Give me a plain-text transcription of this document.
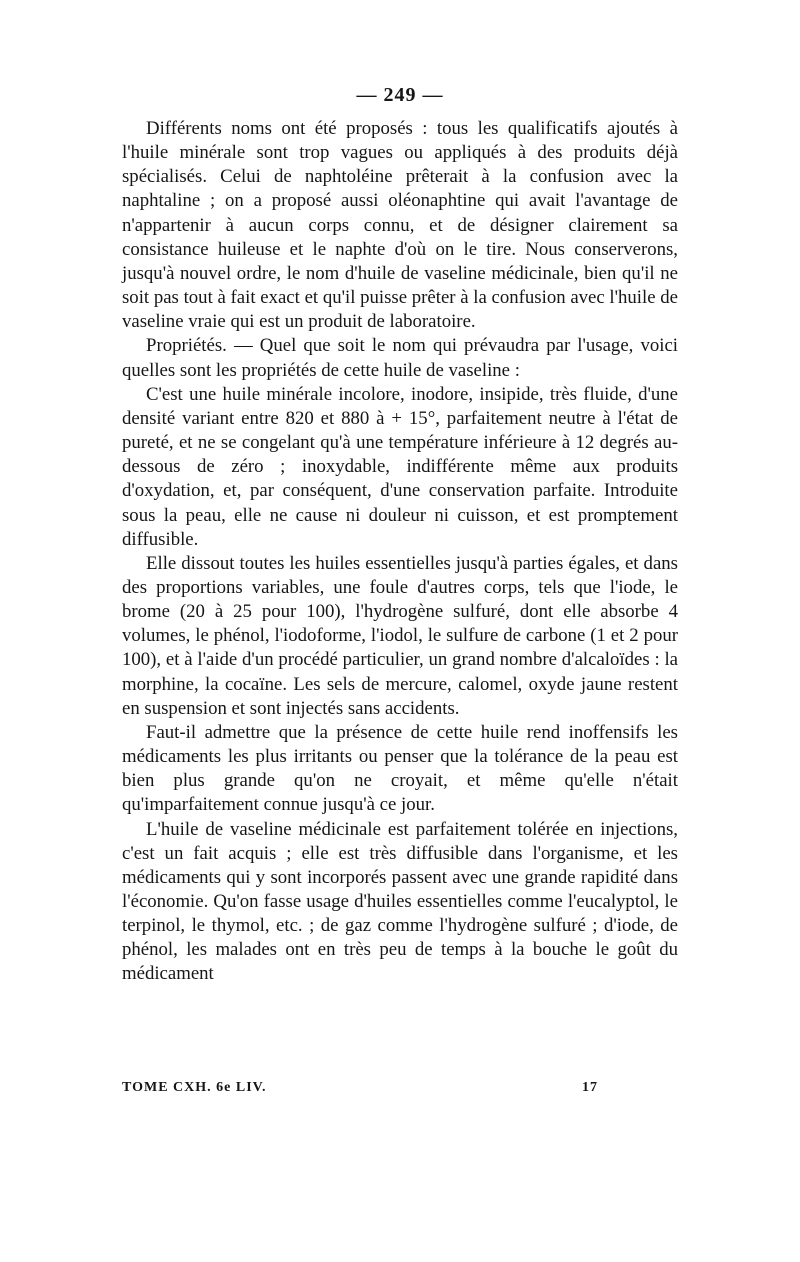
— 249 —

Différents noms ont été proposés : tous les qualificatifs ajoutés à l'huile minérale sont trop vagues ou appliqués à des produits déjà spécialisés. Celui de naphtoléine prêterait à la confusion avec la naphtaline ; on a proposé aussi oléonaphtine qui avait l'avantage de n'appartenir à aucun corps connu, et de désigner clairement sa consistance huileuse et le naphte d'où on le tire. Nous conserverons, jusqu'à nouvel ordre, le nom d'huile de vaseline médicinale, bien qu'il ne soit pas tout à fait exact et qu'il puisse prêter à la confusion avec l'huile de vaseline vraie qui est un produit de laboratoire.

Propriétés. — Quel que soit le nom qui prévaudra par l'usage, voici quelles sont les propriétés de cette huile de vaseline :

C'est une huile minérale incolore, inodore, insipide, très fluide, d'une densité variant entre 820 et 880 à + 15°, parfaitement neutre à l'état de pureté, et ne se congelant qu'à une température inférieure à 12 degrés au-dessous de zéro ; inoxydable, indifférente même aux produits d'oxydation, et, par conséquent, d'une conservation parfaite. Introduite sous la peau, elle ne cause ni douleur ni cuisson, et est promptement diffusible.

Elle dissout toutes les huiles essentielles jusqu'à parties égales, et dans des proportions variables, une foule d'autres corps, tels que l'iode, le brome (20 à 25 pour 100), l'hydrogène sulfuré, dont elle absorbe 4 volumes, le phénol, l'iodoforme, l'iodol, le sulfure de carbone (1 et 2 pour 100), et à l'aide d'un procédé particulier, un grand nombre d'alcaloïdes : la morphine, la cocaïne. Les sels de mercure, calomel, oxyde jaune restent en suspension et sont injectés sans accidents.

Faut-il admettre que la présence de cette huile rend inoffensifs les médicaments les plus irritants ou penser que la tolérance de la peau est bien plus grande qu'on ne croyait, et même qu'elle n'était qu'imparfaitement connue jusqu'à ce jour.

L'huile de vaseline médicinale est parfaitement tolérée en injections, c'est un fait acquis ; elle est très diffusible dans l'organisme, et les médicaments qui y sont incorporés passent avec une grande rapidité dans l'économie. Qu'on fasse usage d'huiles essentielles comme l'eucalyptol, le terpinol, le thymol, etc. ; de gaz comme l'hydrogène sulfuré ; d'iode, de phénol, les malades ont en très peu de temps à la bouche le goût du médicament

TOME CXH. 6e LIV.	17
